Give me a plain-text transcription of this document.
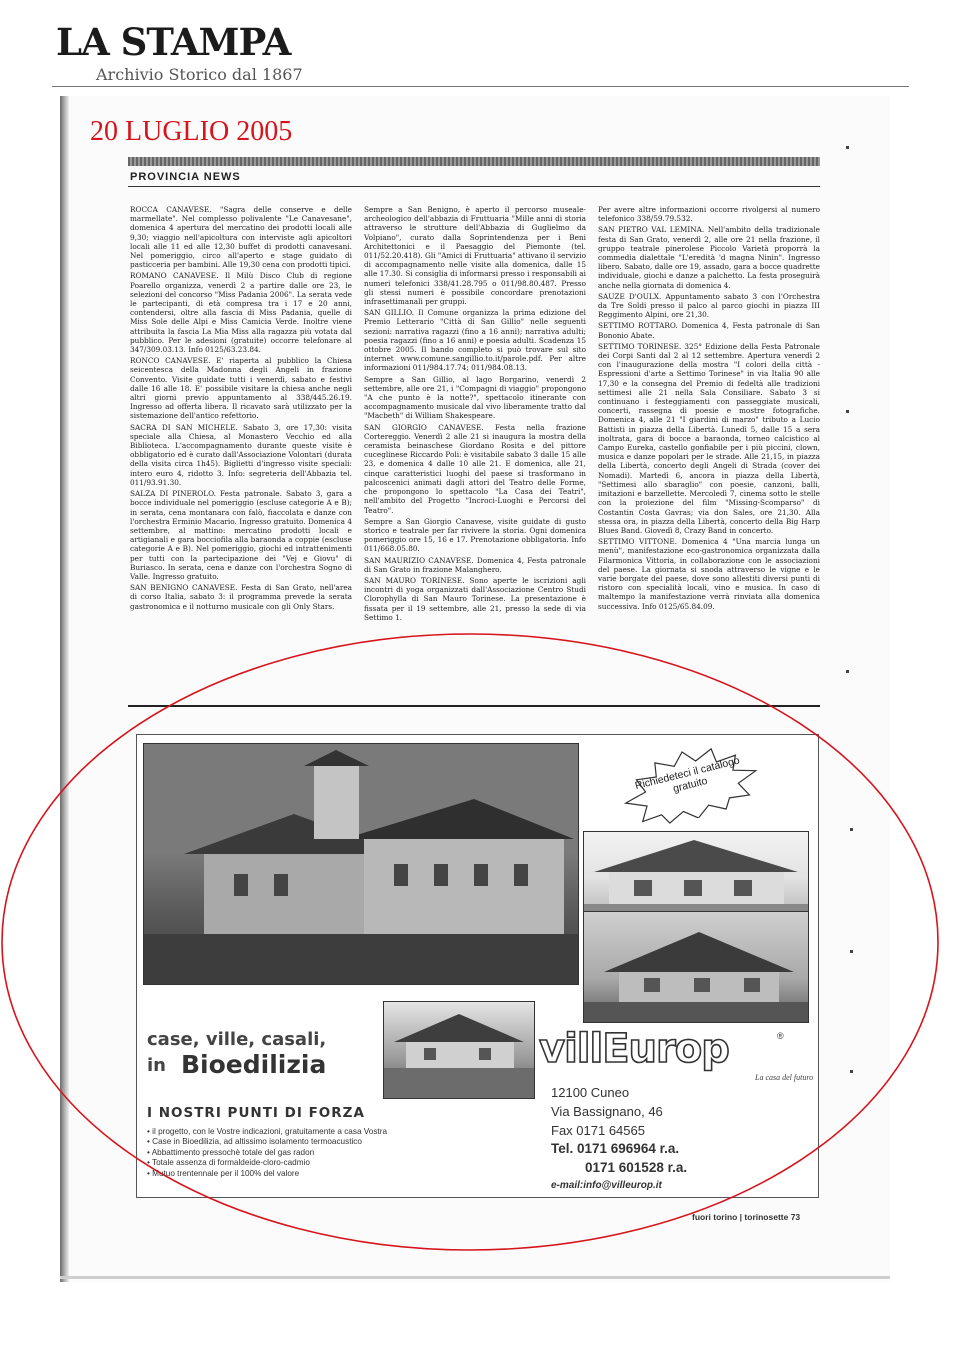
LA STAMPA
Archivio Storico dal 1867
20 LUGLIO 2005
PROVINCIA NEWS

ROCCA CANAVESE. "Sagra delle conserve e delle marmellate". Nel complesso polivalente "Le Canavesane", domenica 4 apertura del mercatino dei prodotti locali alle 9,30; viaggio nell'apicoltura con interviste agli apicoltori locali alle 11 ed alle 12,30 buffet di prodotti canavesani. Nel pomeriggio, circo all'aperto e stage guidato di pasticceria per bambini. Alle 19,30 cena con prodotti tipici.

ROMANO CANAVESE. Il Milù Disco Club di regione Poarello organizza, venerdì 2 a partire dalle ore 23, le selezioni del concorso "Miss Padania 2006". La serata vede le partecipanti, di età compresa tra i 17 e 20 anni, contendersi, oltre alla fascia di Miss Padania, quelle di Miss Sole delle Alpi e Miss Camicia Verde. Inoltre viene attribuita la fascia La Mia Miss alla ragazza più votata dal pubblico. Per le adesioni (gratuite) occorre telefonare al 347/309.03.13. Info 0125/63.23.84.

RONCO CANAVESE. E' riaperta al pubblico la Chiesa seicentesca della Madonna degli Angeli in frazione Convento. Visite guidate tutti i venerdì, sabato e festivi dalle 16 alle 18. E' possibile visitare la chiesa anche negli altri giorni previo appuntamento al 338/445.26.19. Ingresso ad offerta libera. Il ricavato sarà utilizzato per la sistemazione dell'antico refettorio.

SACRA DI SAN MICHELE. Sabato 3, ore 17,30: visita speciale alla Chiesa, al Monastero Vecchio ed alla Biblioteca. L'accompagnamento durante queste visite è obbligatorio ed è curato dall'Associazione Volontari (durata della visita circa 1h45). Biglietti d'ingresso visite speciali: intero euro 4, ridotto 3. Info: segreteria dell'Abbazia tel. 011/93.91.30.

SALZA DI PINEROLO. Festa patronale. Sabato 3, gara a bocce individuale nel pomeriggio (escluse categorie A e B); in serata, cena montanara con falò, fiaccolata e danze con l'orchestra Erminio Macario. Ingresso gratuito. Domenica 4 settembre, al mattino: mercatino prodotti locali e artigianali e gara bocciofila alla baraonda a coppie (escluse categorie A e B). Nel pomeriggio, giochi ed intrattenimenti per tutti con la partecipazione dei "Vej e Giovu" di Buriasco. In serata, cena e danze con l'orchestra Sogno di Valle. Ingresso gratuito.

SAN BENIGNO CANAVESE. Festa di San Grato, nell'area di corso Italia, sabato 3: il programma prevede la serata gastronomica e il notturno musicale con gli Only Stars.

Sempre a San Benigno, è aperto il percorso museale-archeologico dell'abbazia di Fruttuaria "Mille anni di storia attraverso le strutture dell'Abbazia di Guglielmo da Volpiano", curato dalla Soprintendenza per i Beni Architettonici e il Paesaggio del Piemonte (tel. 011/52.20.418). Gli "Amici di Fruttuaria" attivano il servizio di accompagnamento nelle visite alla domenica, dalle 15 alle 17.30. Si consiglia di informarsi presso i responsabili ai numeri telefonici 338/41.28.795 o 011/98.80.487. Presso gli stessi numeri è possibile concordare prenotazioni infrasettimanali per gruppi.

SAN GILLIO. Il Comune organizza la prima edizione del Premio Letterario "Città di San Gillio" nelle seguenti sezioni: narrativa ragazzi (fino a 16 anni); narrativa adulti; poesia ragazzi (fino a 16 anni) e poesia adulti. Scadenza 15 ottobre 2005. Il bando completo si può trovare sul sito internet www.comune.sangillio.to.it/parole.pdf. Per altre informazioni 011/984.17.74; 011/984.08.13.

Sempre a San Gillio, al lago Borgarino, venerdì 2 settembre, alle ore 21, i "Compagni di viaggio" propongono "A che punto è la notte?", spettacolo itinerante con accompagnamento musicale dal vivo liberamente tratto dal "Macbeth" di William Shakespeare.

SAN GIORGIO CANAVESE. Festa nella frazione Cortereggio. Venerdì 2 alle 21 si inaugura la mostra della ceramista beinaschese Giordano Rosita e del pittore cuceglinese Riccardo Poli: è visitabile sabato 3 dalle 15 alle 23, e domenica 4 dalle 10 alle 21. E domenica, alle 21, cinque caratteristici luoghi del paese si trasformano in palcoscenici animati dagli attori del Teatro delle Forme, che propongono lo spettacolo "La Casa dei Teatri", nell'ambito del Progetto "Incroci-Luoghi e Percorsi del Teatro".

Sempre a San Giorgio Canavese, visite guidate di gusto storico e teatrale per far rivivere la storia. Ogni domenica pomeriggio ore 15, 16 e 17. Prenotazione obbligatoria. Info 011/668.05.80.

SAN MAURIZIO CANAVESE. Domenica 4, Festa patronale di San Grato in frazione Malanghero.

SAN MAURO TORINESE. Sono aperte le iscrizioni agli incontri di yoga organizzati dall'Associazione Centro Studi Clorophylla di San Mauro Torinese. La presentazione è fissata per il 19 settembre, alle 21, presso la sede di via Settimo 1.

Per avere altre informazioni occorre rivolgersi al numero telefonico 338/59.79.532.

SAN PIETRO VAL LEMINA. Nell'ambito della tradizionale festa di San Grato, venerdì 2, alle ore 21 nella frazione, il gruppo teatrale pinerolese Piccolo Varietà proporrà la commedia dialettale "L'eredità 'd magna Ninin". Ingresso libero. Sabato, dalle ore 19, assado, gara a bocce quadrette individuale, giochi e danze a palchetto. La festa proseguirà anche nella giornata di domenica 4.

SAUZE D'OULX. Appuntamento sabato 3 con l'Orchestra da Tre Soldi presso il palco al parco giochi in piazza III Reggimento Alpini, ore 21,30.

SETTIMO ROTTARO. Domenica 4, Festa patronale di San Bononio Abate.

SETTIMO TORINESE. 325° Edizione della Festa Patronale dei Corpi Santi dal 2 al 12 settembre. Apertura venerdì 2 con l'inaugurazione della mostra "I colori della città - Espressioni d'arte a Settimo Torinese" in via Italia 90 alle 17,30 e la consegna del Premio di fedeltà alle tradizioni settimesi alle 21 nella Sala Consiliare. Sabato 3 si continuano i festeggiamenti con passeggiate musicali, concerti, rassegna di poesie e mostre fotografiche. Domenica 4, alle 21 "I giardini di marzo" tributo a Lucio Battisti in piazza della Libertà. Lunedì 5, dalle 15 a sera inoltrata, gara di bocce a baraonda, torneo calcistico al Campo Eureka, castello gonfiabile per i più piccini, clown, musica e danze popolari per le strade. Alle 21,15, in piazza della Libertà, concerto degli Angeli di Strada (cover dei Nomadi). Martedì 6, ancora in piazza della Libertà, "Settimesi allo sbaraglio" con poesie, canzoni, balli, imitazioni e barzellette. Mercoledì 7, cinema sotto le stelle con la proiezione del film "Missing-Scomparso" di Costantin Costa Gavras; via don Sales, ore 21,30. Alla stessa ora, in piazza della Libertà, concerto della Big Harp Blues Band. Giovedì 8, Crazy Band in concerto.

SETTIMO VITTONE. Domenica 4 "Una marcia lunga un menù", manifestazione eco-gastronomica organizzata dalla Filarmonica Vittoria, in collaborazione con le associazioni del paese. La giornata si snoda attraverso le vigne e le varie borgate del paese, dove sono allestiti diversi punti di ristoro con specialità locali, vino e musica. In caso di maltempo la manifestazione verrà rinviata alla domenica successiva. Info 0125/65.84.09.

Richiedeteci il catalogo gratuito
case, ville, casali,
in Bioedilizia
I NOSTRI PUNTI DI FORZA
• il progetto, con le Vostre indicazioni, gratuitamente a casa Vostra
• Case in Bioedilizia, ad altissimo isolamento termoacustico
• Abbattimento pressochè totale del gas radon
• Totale assenza di formaldeide-cloro-cadmio
• Mutuo trentennale per il 100% del valore
villEurop	®
La casa del futuro
12100 Cuneo
Via Bassignano, 46
Fax 0171 64565
Tel. 0171 696964 r.a.
0171 601528 r.a.
e-mail:info@villeurop.it
fuori torino | torinosette 73
